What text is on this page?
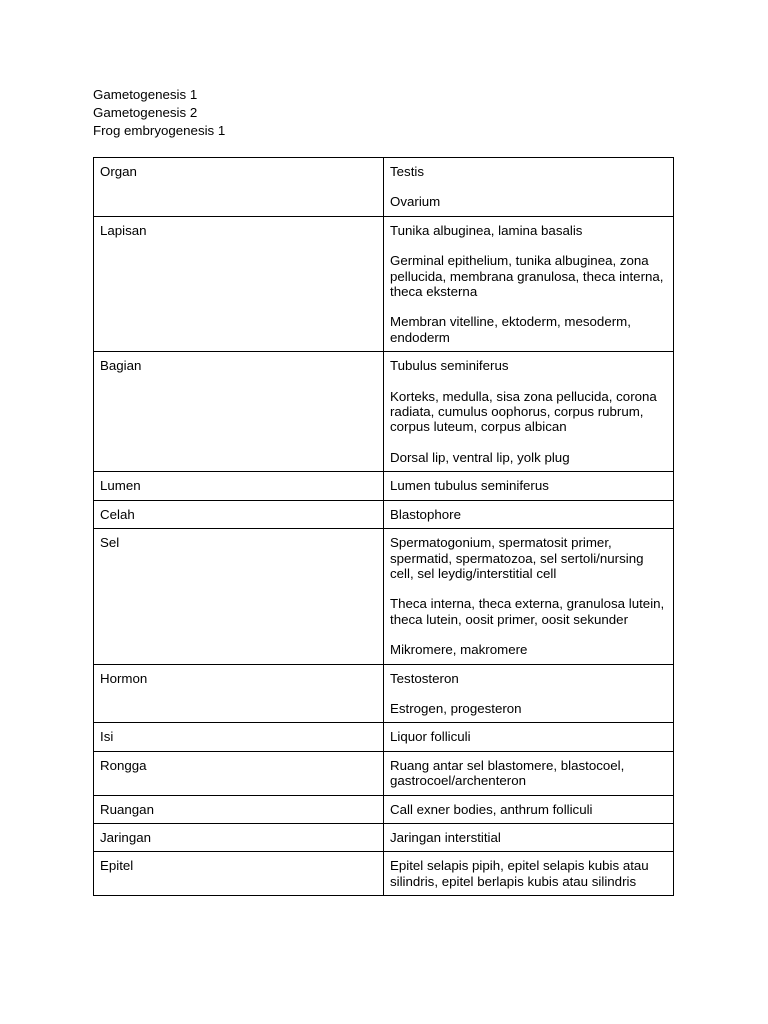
Gametogenesis 1
Gametogenesis 2
Frog embryogenesis 1
Organ	Testis
Ovarium

Lapisan	Tunika albuginea, lamina basalis
Germinal epithelium, tunika albuginea, zona pellucida, membrana granulosa, theca interna, theca eksterna
Membran vitelline, ektoderm, mesoderm, endoderm

Bagian	Tubulus seminiferus
Korteks, medulla, sisa zona pellucida, corona radiata, cumulus oophorus, corpus rubrum, corpus luteum, corpus albican
Dorsal lip, ventral lip, yolk plug

Lumen	Lumen tubulus seminiferus

Celah	Blastophore

Sel	Spermatogonium, spermatosit primer, spermatid, spermatozoa, sel sertoli/nursing cell, sel leydig/interstitial cell
Theca interna, theca externa, granulosa lutein, theca lutein, oosit primer, oosit sekunder
Mikromere, makromere

Hormon	Testosteron
Estrogen, progesteron

Isi	Liquor folliculi

Rongga	Ruang antar sel blastomere, blastocoel, gastrocoel/archenteron

Ruangan	Call exner bodies, anthrum folliculi

Jaringan	Jaringan interstitial

Epitel	Epitel selapis pipih, epitel selapis kubis atau silindris, epitel berlapis kubis atau silindris
